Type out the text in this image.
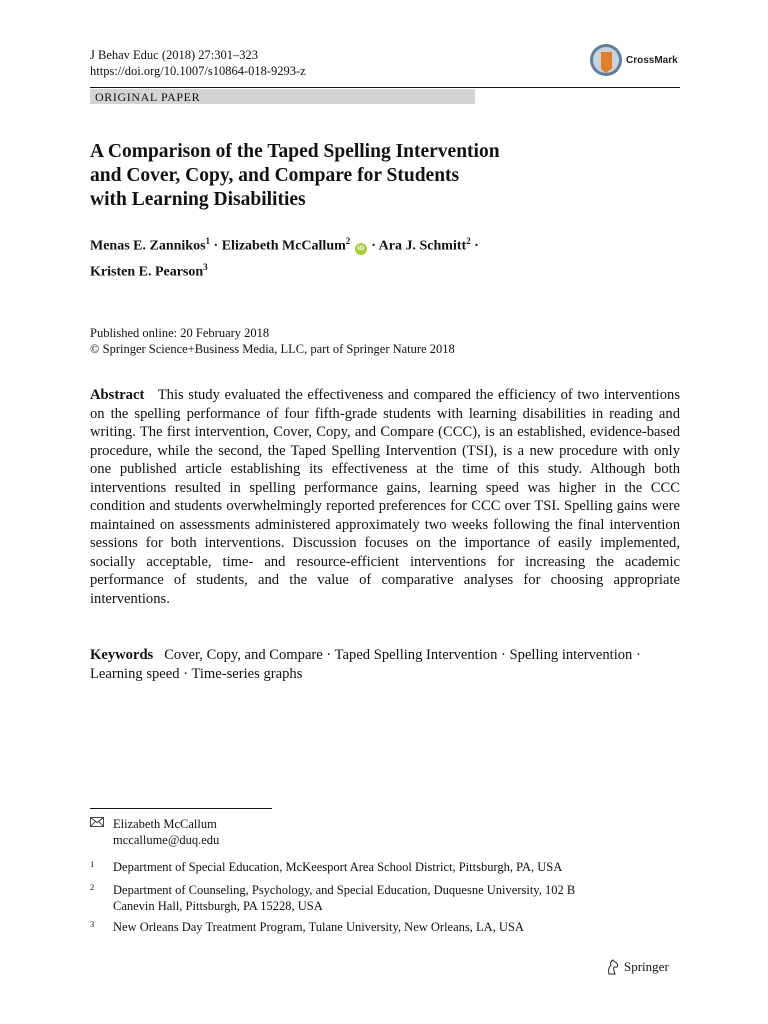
J Behav Educ (2018) 27:301–323
https://doi.org/10.1007/s10864-018-9293-z
CrossMark
ORIGINAL PAPER
A Comparison of the Taped Spelling Intervention
and Cover, Copy, and Compare for Students
with Learning Disabilities
Menas E. Zannikos$^1$ · Elizabeth McCallum$^2$ iD · Ara J. Schmitt$^2$ ·
Kristen E. Pearson$^3$
Published online: 20 February 2018
© Springer Science+Business Media, LLC, part of Springer Nature 2018
Abstract This study evaluated the effectiveness and compared the efficiency of two interventions on the spelling performance of four fifth-grade students with learning disabilities in reading and writing. The first intervention, Cover, Copy, and Compare (CCC), is an established, evidence-based procedure, while the second, the Taped Spelling Intervention (TSI), is a new procedure with only one published article establishing its effectiveness at the time of this study. Although both interventions resulted in spelling performance gains, learning speed was higher in the CCC condition and students overwhelmingly reported preferences for CCC over TSI. Spelling gains were maintained on assessments administered approximately two weeks following the final intervention sessions for both interventions. Discussion focuses on the importance of easily implemented, socially acceptable, time- and resource-efficient interventions for increasing the academic performance of students, and the value of comparative analyses for choosing appropriate interventions.
Keywords Cover, Copy, and Compare · Taped Spelling Intervention · Spelling intervention · Learning speed · Time-series graphs
Elizabeth McCallum
mccallume@duq.edu
1 Department of Special Education, McKeesport Area School District, Pittsburgh, PA, USA
2 Department of Counseling, Psychology, and Special Education, Duquesne University, 102 B
Canevin Hall, Pittsburgh, PA 15228, USA
3 New Orleans Day Treatment Program, Tulane University, New Orleans, LA, USA
Springer
